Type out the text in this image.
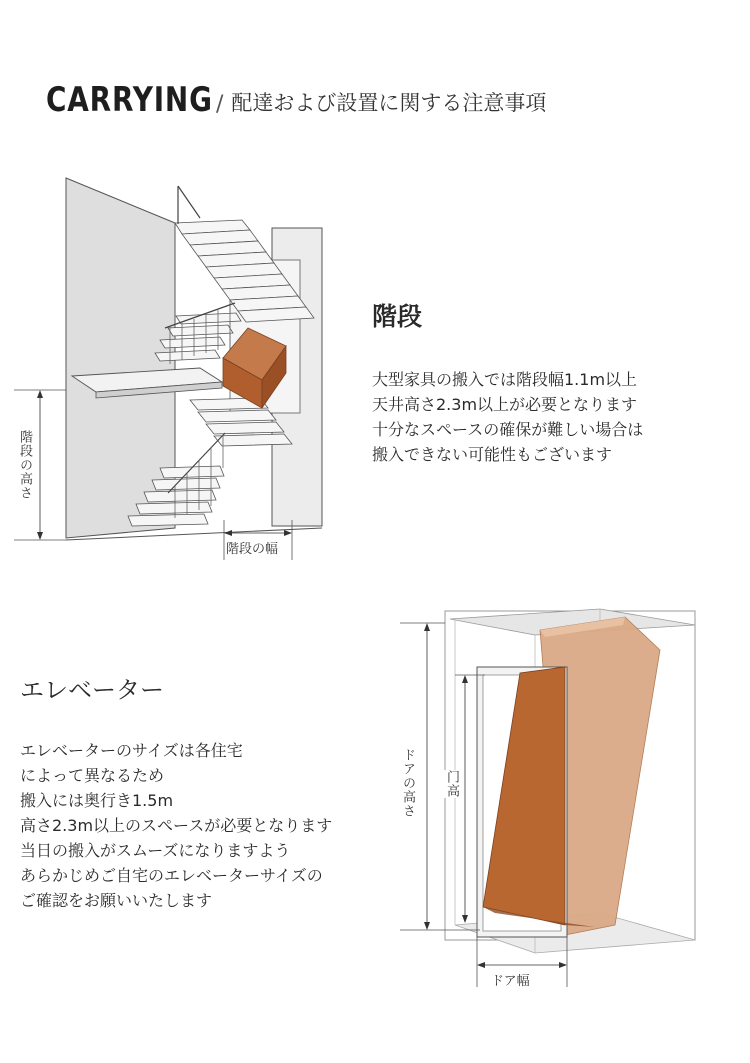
CARRYING / 配達および設置に関する注意事項
階段の高さ
階段の幅
階段
大型家具の搬入では階段幅1.1m以上
天井高さ2.3m以上が必要となります
十分なスペースの確保が難しい場合は
搬入できない可能性もございます
エレベーター
エレベーターのサイズは各住宅
によって異なるため
搬入には奥行き1.5m
高さ2.3m以上のスペースが必要となります
当日の搬入がスムーズになりますよう
あらかじめご自宅のエレベーターサイズの
ご確認をお願いいたします
ドアの高さ 门高
ドア幅
